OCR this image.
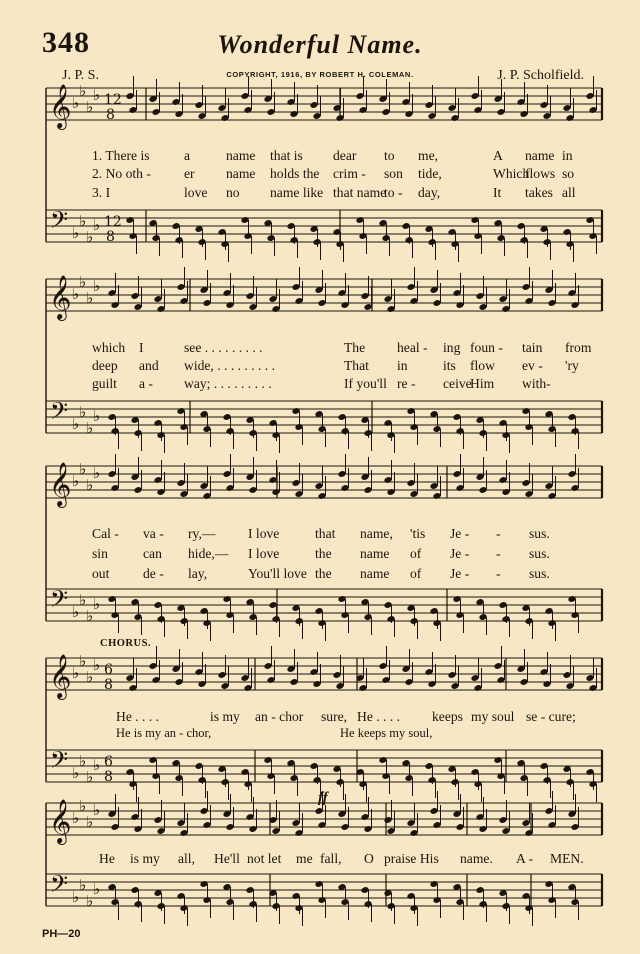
348	Wonderful Name.
J. P. S.	COPYRIGHT, 1916, BY ROBERT H. COLEMAN.	J. P. Scholfield.
𝄞
𝄢
♭
♭
♭
♭
♭
♭
♭
♭
12
8
12
8
𝄞
𝄢
♭
♭
♭
♭
♭
♭
♭
♭
𝄞
𝄢
♭
♭
♭
♭
♭
♭
♭
♭
𝄞
𝄢
♭
♭
♭
♭
♭
♭
♭
♭
6
8
6
8
𝄞
𝄢
♭
♭
♭
♭
♭
♭
♭
♭
ff
CHORUS.
1. There is	a	name that is dear to me,	A name in
2. No oth - er name holds the crim - son tide,	Which
flows so
3. I	love no name like that name
to - day,	It takes all
which I	see . . . . . . . . .	The heal - ing foun - tain from
deep and wide, . . . . . . . . .	That in	its flow ev - 'ry
guilt a - way; . . . . . . . . .	If you'll re - ceive
Him with-
Cal - va - ry,— I love	that name, 'tis Je - - sus.
sin	can hide,— I love	the name of Je - - sus.
out de - lay,	You'll love the name of Je - - sus.
He . . . .	is my an - chor sure, He . . . . keeps my soul se - cure;
He is my an - chor,	He keeps my soul,
He is my all, He'll not let me fall, O praise His name. A - MEN.
PH—20
